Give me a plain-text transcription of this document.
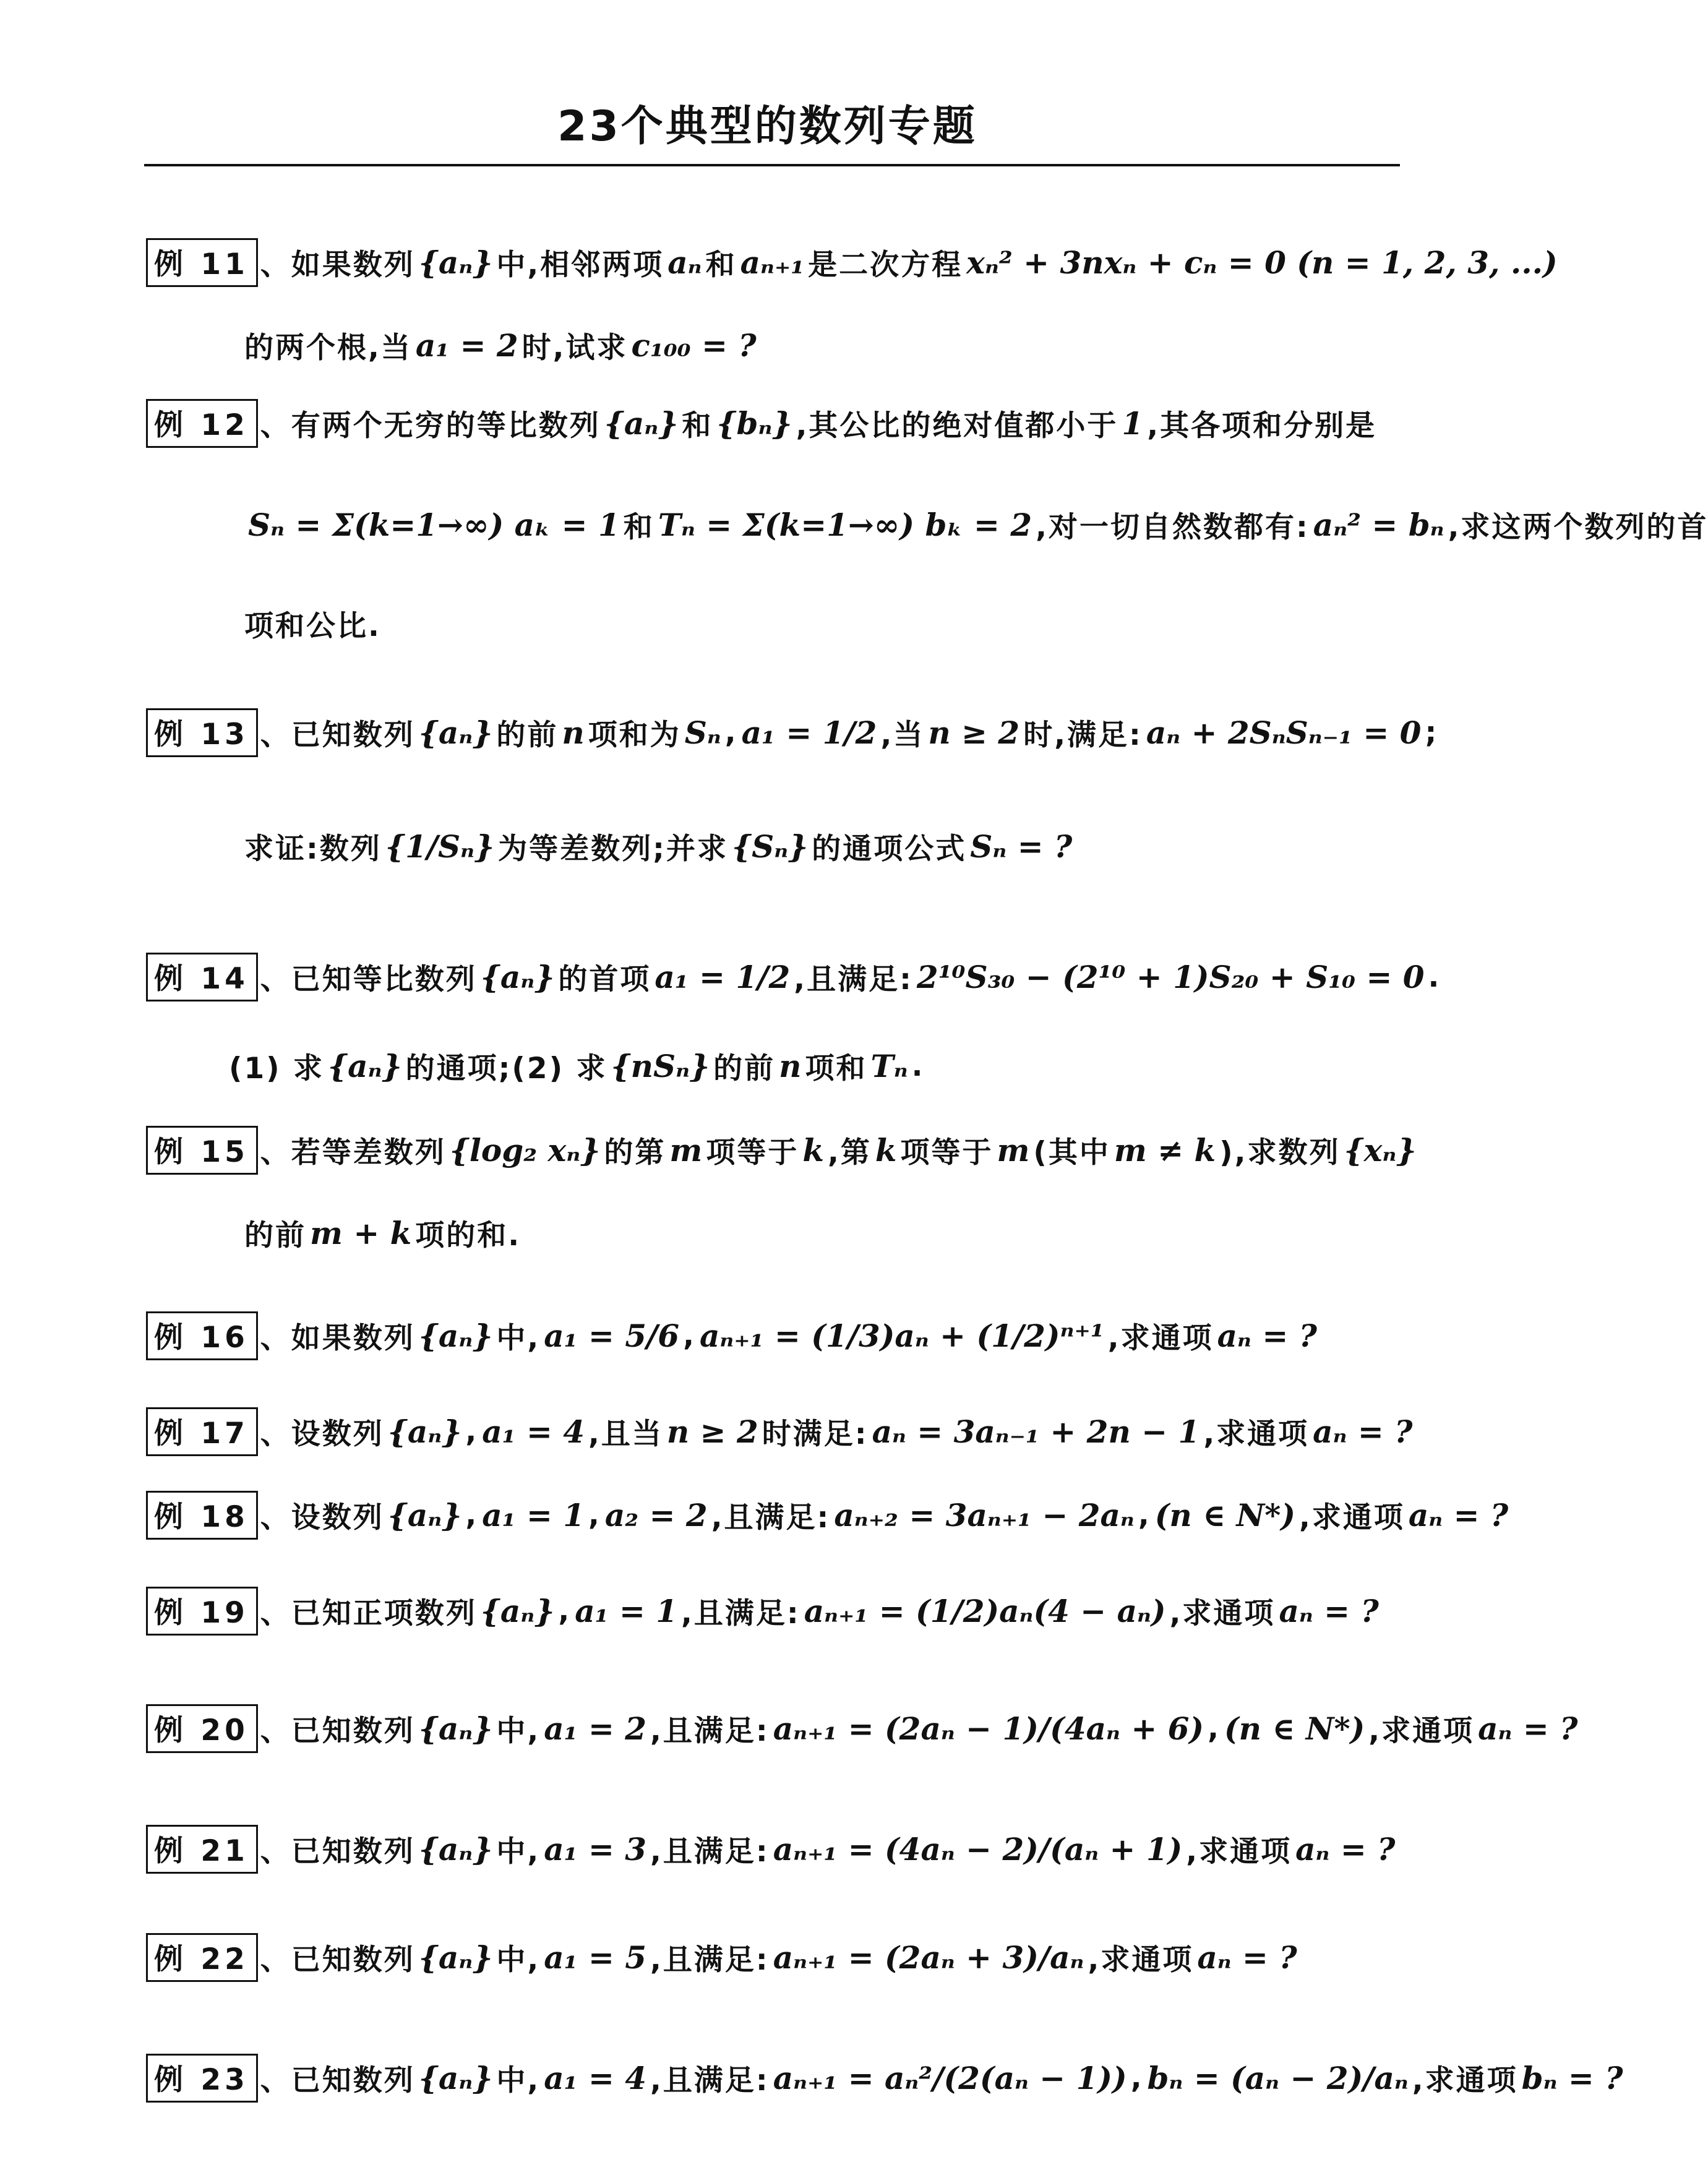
23个典型的数列专题
例 11 、如果数列 {aₙ} 中,相邻两项 aₙ 和 aₙ₊₁ 是二次方程 xₙ² + 3nxₙ + cₙ = 0 (n = 1, 2, 3, ...)
的两个根,当 a₁ = 2 时,试求 c₁₀₀ = ?
例 12 、有两个无穷的等比数列 {aₙ} 和 {bₙ} ,其公比的绝对值都小于 1 ,其各项和分别是
Sₙ = Σ(k=1→∞) aₖ = 1 和 Tₙ = Σ(k=1→∞) bₖ = 2 ,对一切自然数都有: aₙ² = bₙ ,求这两个数列的首
项和公比.
例 13 、已知数列 {aₙ} 的前 n 项和为 Sₙ , a₁ = 1/2 ,当 n ≥ 2 时,满足: aₙ + 2SₙSₙ₋₁ = 0 ;
求证:数列 {1/Sₙ} 为等差数列;并求 {Sₙ} 的通项公式 Sₙ = ?
例 14 、已知等比数列 {aₙ} 的首项 a₁ = 1/2 ,且满足: 2¹⁰S₃₀ − (2¹⁰ + 1)S₂₀ + S₁₀ = 0 .
(1) 求 {aₙ} 的通项;(2) 求 {nSₙ} 的前 n 项和 Tₙ .
例 15 、若等差数列 {log₂ xₙ} 的第 m 项等于 k ,第 k 项等于 m (其中 m ≠ k ),求数列 {xₙ}
的前 m + k 项的和.
例 16 、如果数列 {aₙ} 中, a₁ = 5/6 , aₙ₊₁ = (1/3)aₙ + (1/2)ⁿ⁺¹ ,求通项 aₙ = ?
例 17 、设数列 {aₙ} , a₁ = 4 ,且当 n ≥ 2 时满足: aₙ = 3aₙ₋₁ + 2n − 1 ,求通项 aₙ = ?
例 18 、设数列 {aₙ} , a₁ = 1 , a₂ = 2 ,且满足: aₙ₊₂ = 3aₙ₊₁ − 2aₙ , (n ∈ N*) ,求通项 aₙ = ?
例 19 、已知正项数列 {aₙ} , a₁ = 1 ,且满足: aₙ₊₁ = (1/2)aₙ(4 − aₙ) ,求通项 aₙ = ?
例 20 、已知数列 {aₙ} 中, a₁ = 2 ,且满足: aₙ₊₁ = (2aₙ − 1)/(4aₙ + 6) , (n ∈ N*) ,求通项 aₙ = ?
例 21 、已知数列 {aₙ} 中, a₁ = 3 ,且满足: aₙ₊₁ = (4aₙ − 2)/(aₙ + 1) ,求通项 aₙ = ?
例 22 、已知数列 {aₙ} 中, a₁ = 5 ,且满足: aₙ₊₁ = (2aₙ + 3)/aₙ ,求通项 aₙ = ?
例 23 、已知数列 {aₙ} 中, a₁ = 4 ,且满足: aₙ₊₁ = aₙ²/(2(aₙ − 1)) , bₙ = (aₙ − 2)/aₙ ,求通项 bₙ = ?
